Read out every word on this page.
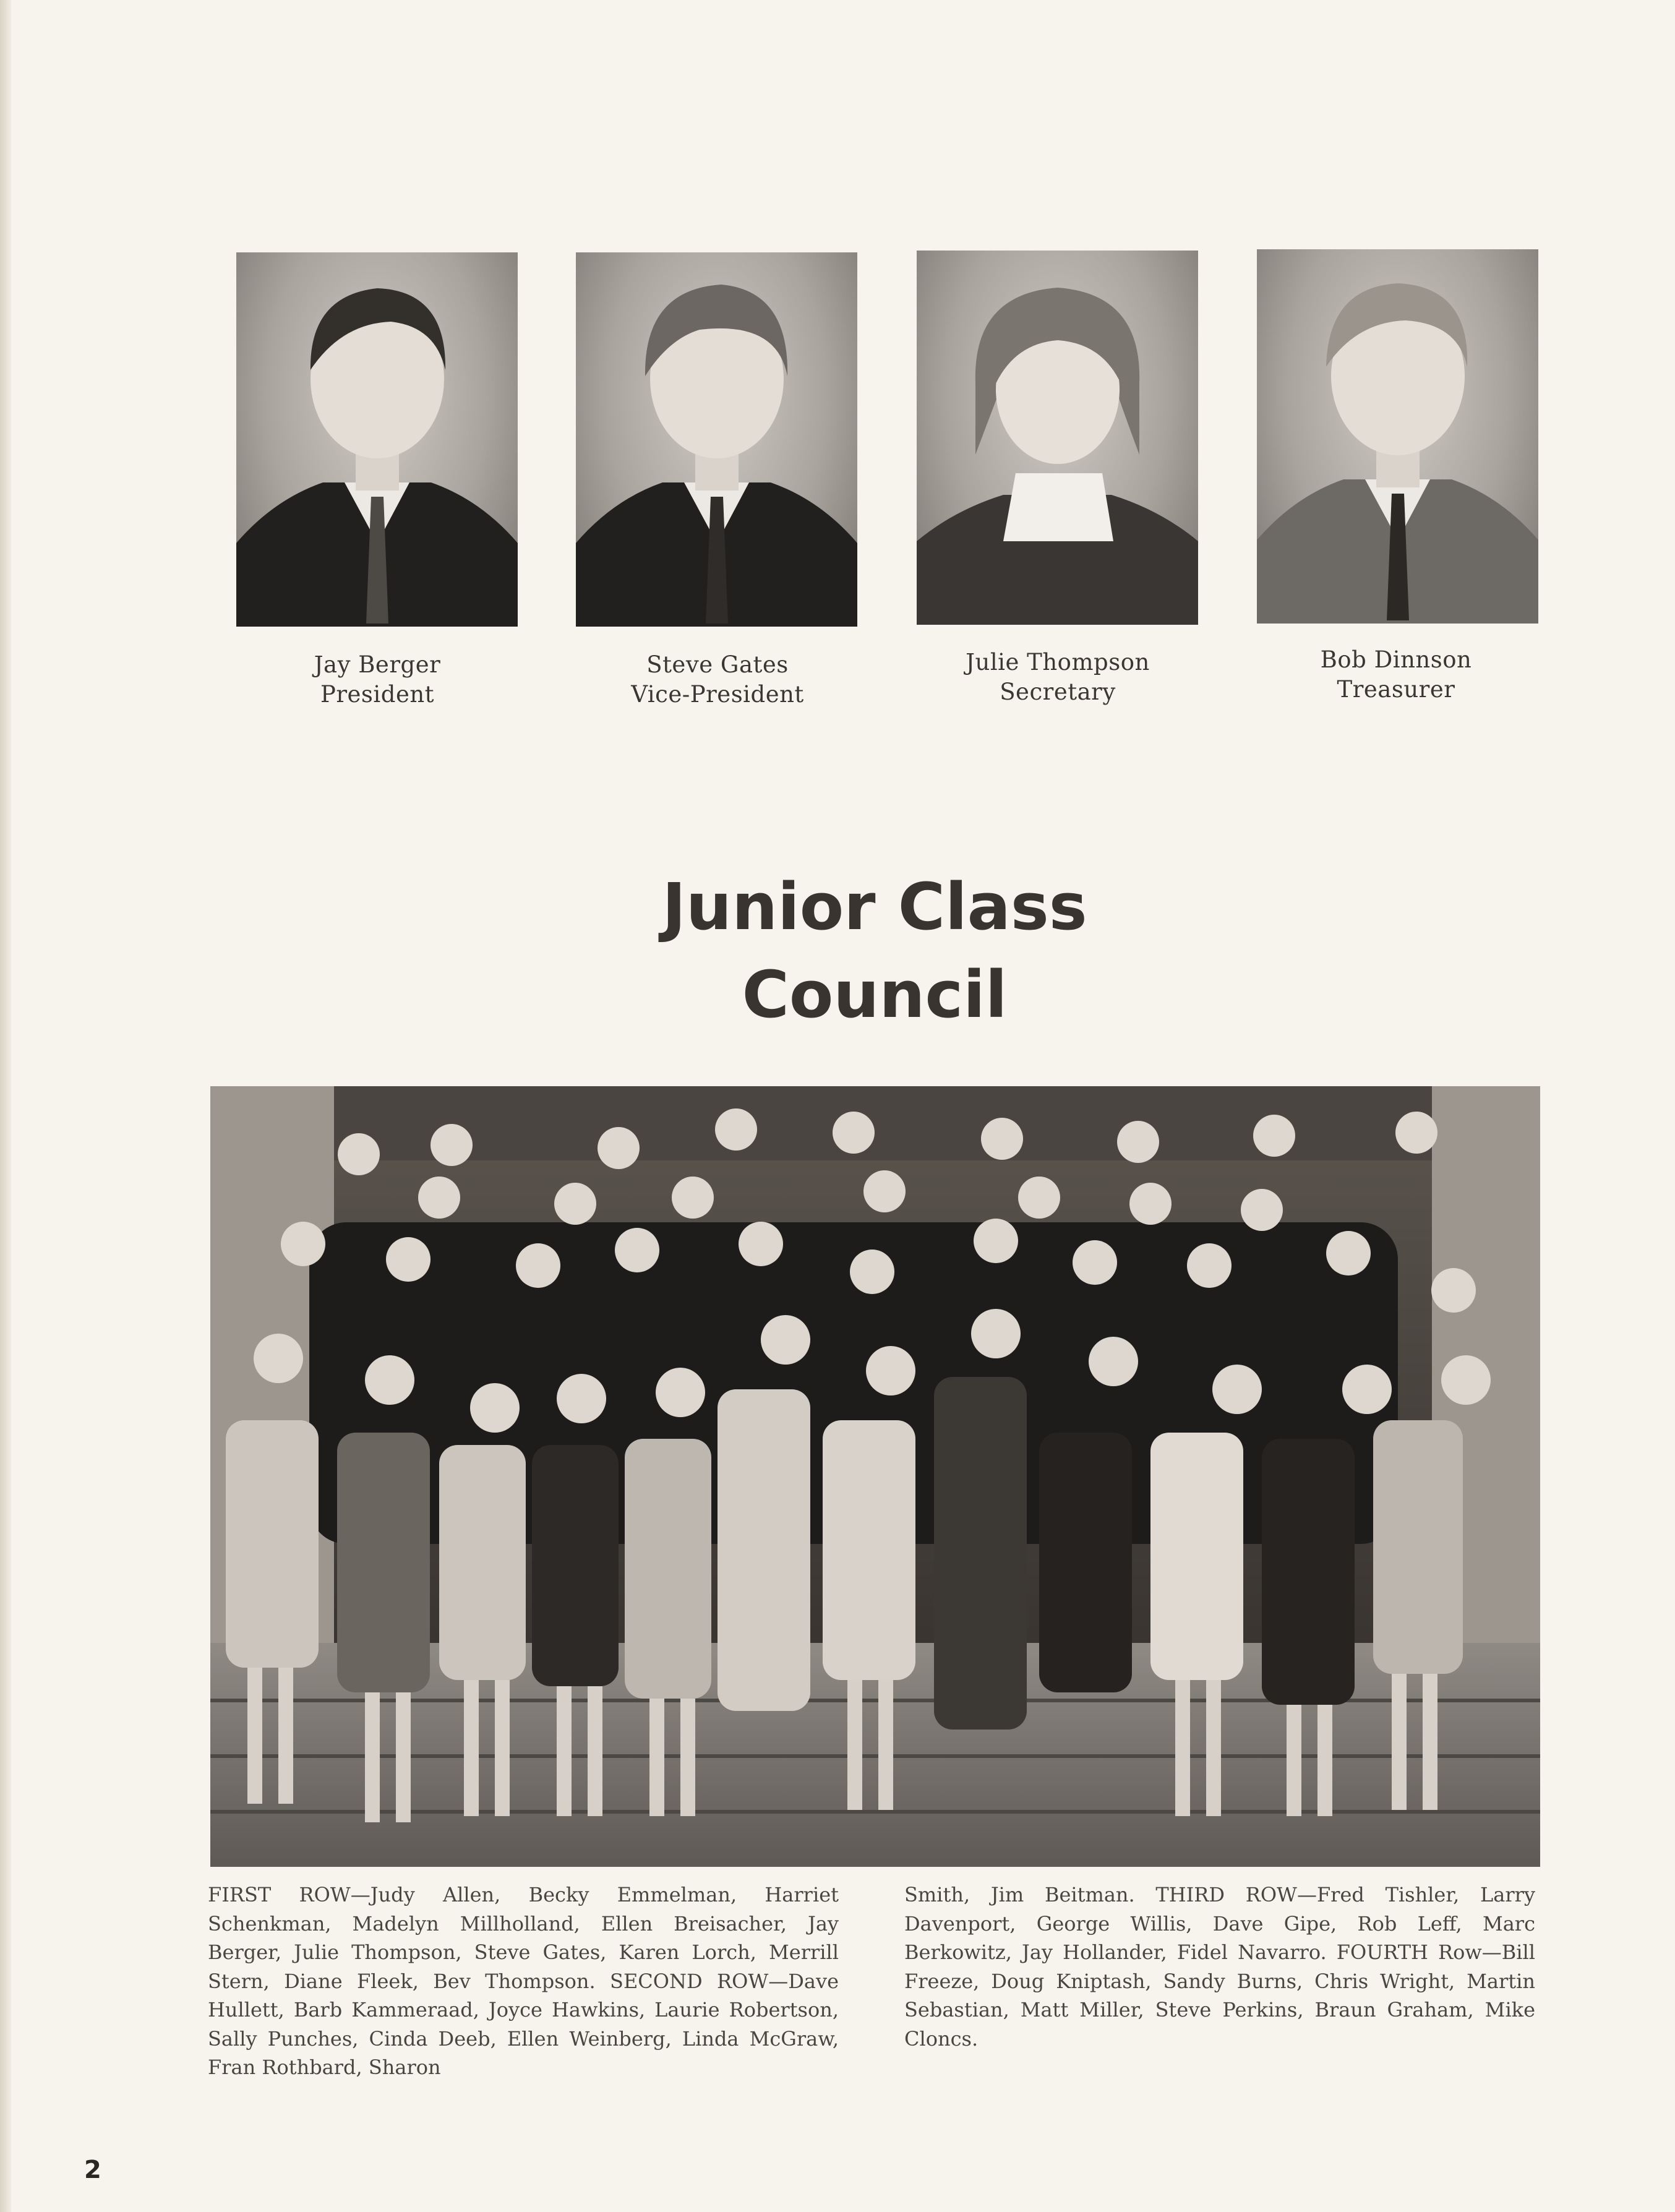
Jay Berger
President
Steve Gates
Vice-President
Julie Thompson
Secretary
Bob Dinnson
Treasurer
Junior Class
Council
FIRST ROW—Judy Allen, Becky Emmelman, Harriet Schenkman, Madelyn Millholland, Ellen Breisacher, Jay Berger, Julie Thompson, Steve Gates, Karen Lorch, Merrill Stern, Diane Fleek, Bev Thompson. SECOND ROW—Dave Hullett, Barb Kammeraad, Joyce Hawkins, Laurie Robertson, Sally Punches, Cinda Deeb, Ellen Weinberg, Linda McGraw, Fran Rothbard, Sharon
Smith, Jim Beitman. THIRD ROW—Fred Tishler, Larry Davenport, George Willis, Dave Gipe, Rob Leff, Marc Berkowitz, Jay Hollander, Fidel Navarro. FOURTH Row—Bill Freeze, Doug Kniptash, Sandy Burns, Chris Wright, Martin Sebastian, Matt Miller, Steve Perkins, Braun Graham, Mike Cloncs.
2
